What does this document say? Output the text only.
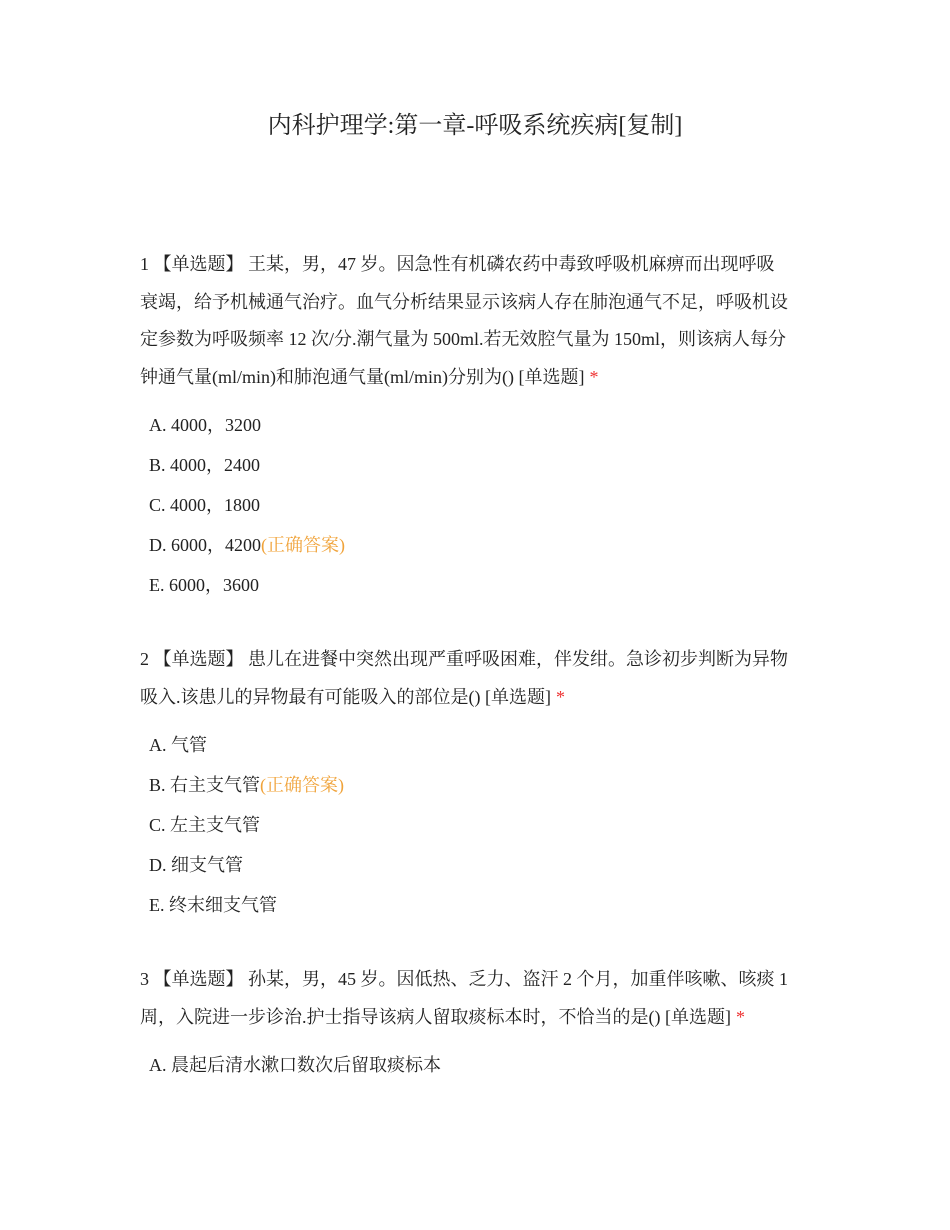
内科护理学:第一章-呼吸系统疾病[复制]
1 【单选题】 王某，男，47 岁。因急性有机磷农药中毒致呼吸机麻痹而出现呼吸
衰竭，给予机械通气治疗。血气分析结果显示该病人存在肺泡通气不足，呼吸机设
定参数为呼吸频率 12 次/分.潮气量为 500ml.若无效腔气量为 150ml，则该病人每分
钟通气量(ml/min)和肺泡通气量(ml/min)分别为() [单选题] *
A. 4000，3200
B. 4000，2400
C. 4000，1800
D. 6000，4200(正确答案)
E. 6000，3600
2 【单选题】 患儿在进餐中突然出现严重呼吸困难，伴发绀。急诊初步判断为异物
吸入.该患儿的异物最有可能吸入的部位是() [单选题] *
A. 气管
B. 右主支气管(正确答案)
C. 左主支气管
D. 细支气管
E. 终末细支气管
3 【单选题】 孙某，男，45 岁。因低热、乏力、盗汗 2 个月，加重伴咳嗽、咳痰 1
周，入院进一步诊治.护士指导该病人留取痰标本时，不恰当的是() [单选题] *
A. 晨起后清水漱口数次后留取痰标本
